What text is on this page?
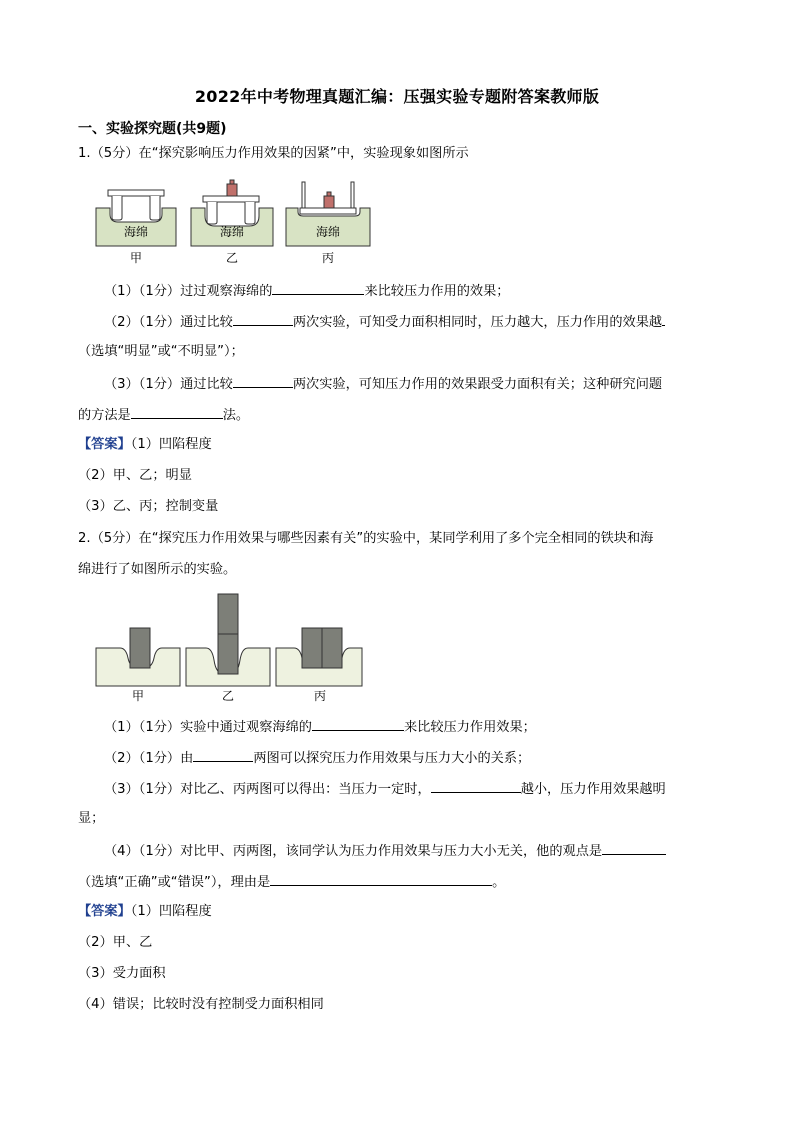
2022年中考物理真题汇编：压强实验专题附答案教师版
一、实验探究题(共9题)
1.（5分）在“探究影响压力作用效果的因紧”中，实验现象如图所示
海绵	海绵	海绵
甲	乙	丙
（1）（1分）过过观察海绵的	来比较压力作用的效果；
（2）（1分）通过比较	两次实验，可知受力面积相同时，压力越大，压力作用的效果越
（选填“明显”或“不明显”）；
（3）（1分）通过比较	两次实验，可知压力作用的效果跟受力面积有关；这种研究问题
的方法是	法。
【答案】（1）凹陷程度
（2）甲、乙；明显
（3）乙、丙；控制变量
2.（5分）在“探究压力作用效果与哪些因素有关”的实验中，某同学利用了多个完全相同的铁块和海
绵进行了如图所示的实验。
甲	乙	丙
（1）（1分）实验中通过观察海绵的	来比较压力作用效果；
（2）（1分）由	两图可以探究压力作用效果与压力大小的关系；
（3）（1分）对比乙、丙两图可以得出：当压力一定时，	越小，压力作用效果越明
显；
（4）（1分）对比甲、丙两图，该同学认为压力作用效果与压力大小无关，他的观点是
（选填“正确”或“错误”），理由是	。
【答案】（1）凹陷程度
（2）甲、乙
（3）受力面积
（4）错误；比较时没有控制受力面积相同
